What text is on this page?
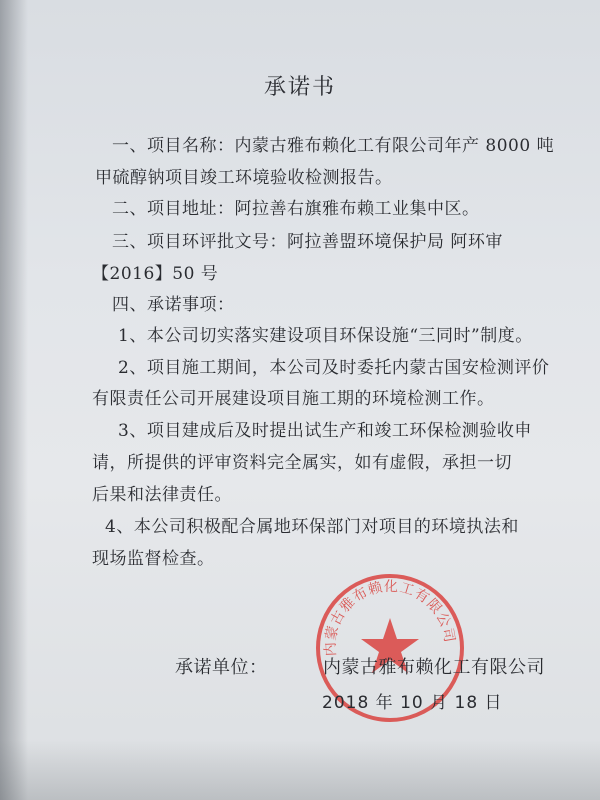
承诺书
一、项目名称：内蒙古雅布赖化工有限公司年产 8000 吨
甲硫醇钠项目竣工环境验收检测报告。
二、项目地址：阿拉善右旗雅布赖工业集中区。
三、项目环评批文号：阿拉善盟环境保护局 阿环审
【2016】50 号
四、承诺事项：
1、本公司切实落实建设项目环保设施“三同时”制度。
2、项目施工期间，本公司及时委托内蒙古国安检测评价
有限责任公司开展建设项目施工期的环境检测工作。
3、项目建成后及时提出试生产和竣工环保检测验收申
请，所提供的评审资料完全属实，如有虚假，承担一切
后果和法律责任。
4、本公司积极配合属地环保部门对项目的环境执法和
现场监督检查。
内蒙古雅布赖化工有限公司
承诺单位：	内蒙古雅布赖化工有限公司
2018 年 10 月 18 日
